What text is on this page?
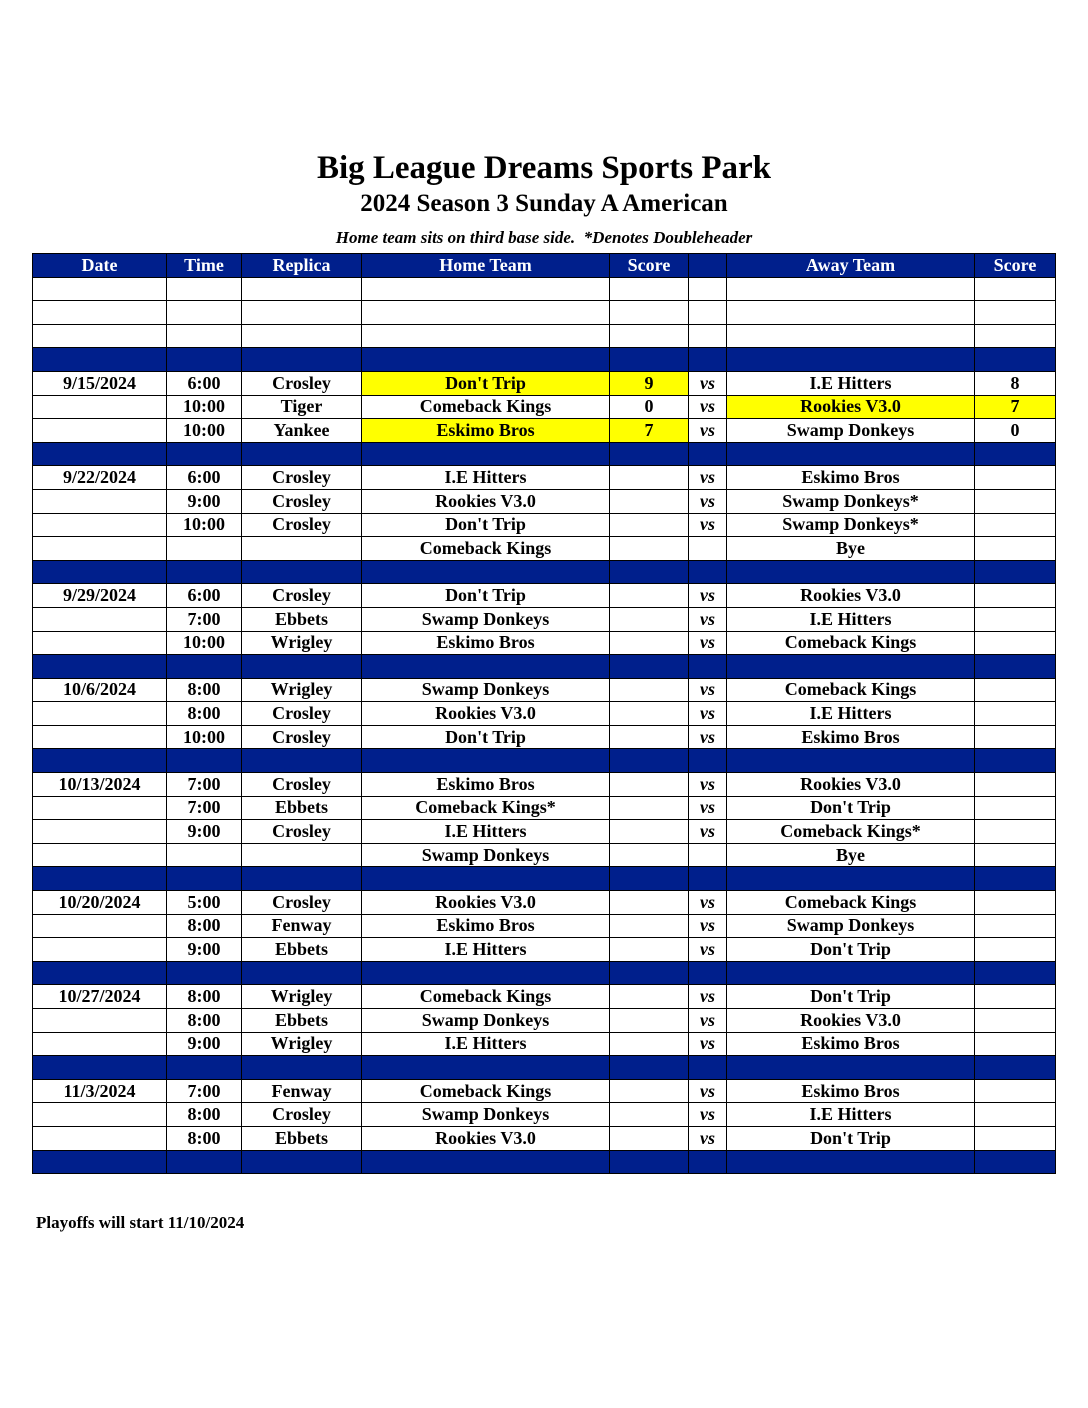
Big League Dreams Sports Park
2024 Season 3 Sunday A American
Home team sits on third base side.  *Denotes Doubleheader
Date	Time	Replica	Home Team	Score		Away Team	Score

9/15/2024	6:00	Crosley	Don't Trip	9	vs	I.E Hitters	8
	10:00	Tiger	Comeback Kings	0	vs	Rookies V3.0	7
	10:00	Yankee	Eskimo Bros	7	vs	Swamp Donkeys	0

9/22/2024	6:00	Crosley	I.E Hitters		vs	Eskimo Bros	
	9:00	Crosley	Rookies V3.0		vs	Swamp Donkeys*	
	10:00	Crosley	Don't Trip		vs	Swamp Donkeys*	
			Comeback Kings			Bye	

9/29/2024	6:00	Crosley	Don't Trip		vs	Rookies V3.0	
	7:00	Ebbets	Swamp Donkeys		vs	I.E Hitters	
	10:00	Wrigley	Eskimo Bros		vs	Comeback Kings	

10/6/2024	8:00	Wrigley	Swamp Donkeys		vs	Comeback Kings	
	8:00	Crosley	Rookies V3.0		vs	I.E Hitters	
	10:00	Crosley	Don't Trip		vs	Eskimo Bros	

10/13/2024	7:00	Crosley	Eskimo Bros		vs	Rookies V3.0	
	7:00	Ebbets	Comeback Kings*		vs	Don't Trip	
	9:00	Crosley	I.E Hitters		vs	Comeback Kings*	
			Swamp Donkeys			Bye	

10/20/2024	5:00	Crosley	Rookies V3.0		vs	Comeback Kings	
	8:00	Fenway	Eskimo Bros		vs	Swamp Donkeys	
	9:00	Ebbets	I.E Hitters		vs	Don't Trip	

10/27/2024	8:00	Wrigley	Comeback Kings		vs	Don't Trip	
	8:00	Ebbets	Swamp Donkeys		vs	Rookies V3.0	
	9:00	Wrigley	I.E Hitters		vs	Eskimo Bros	

11/3/2024	7:00	Fenway	Comeback Kings		vs	Eskimo Bros	
	8:00	Crosley	Swamp Donkeys		vs	I.E Hitters	
	8:00	Ebbets	Rookies V3.0		vs	Don't Trip	

Playoffs will start 11/10/2024
